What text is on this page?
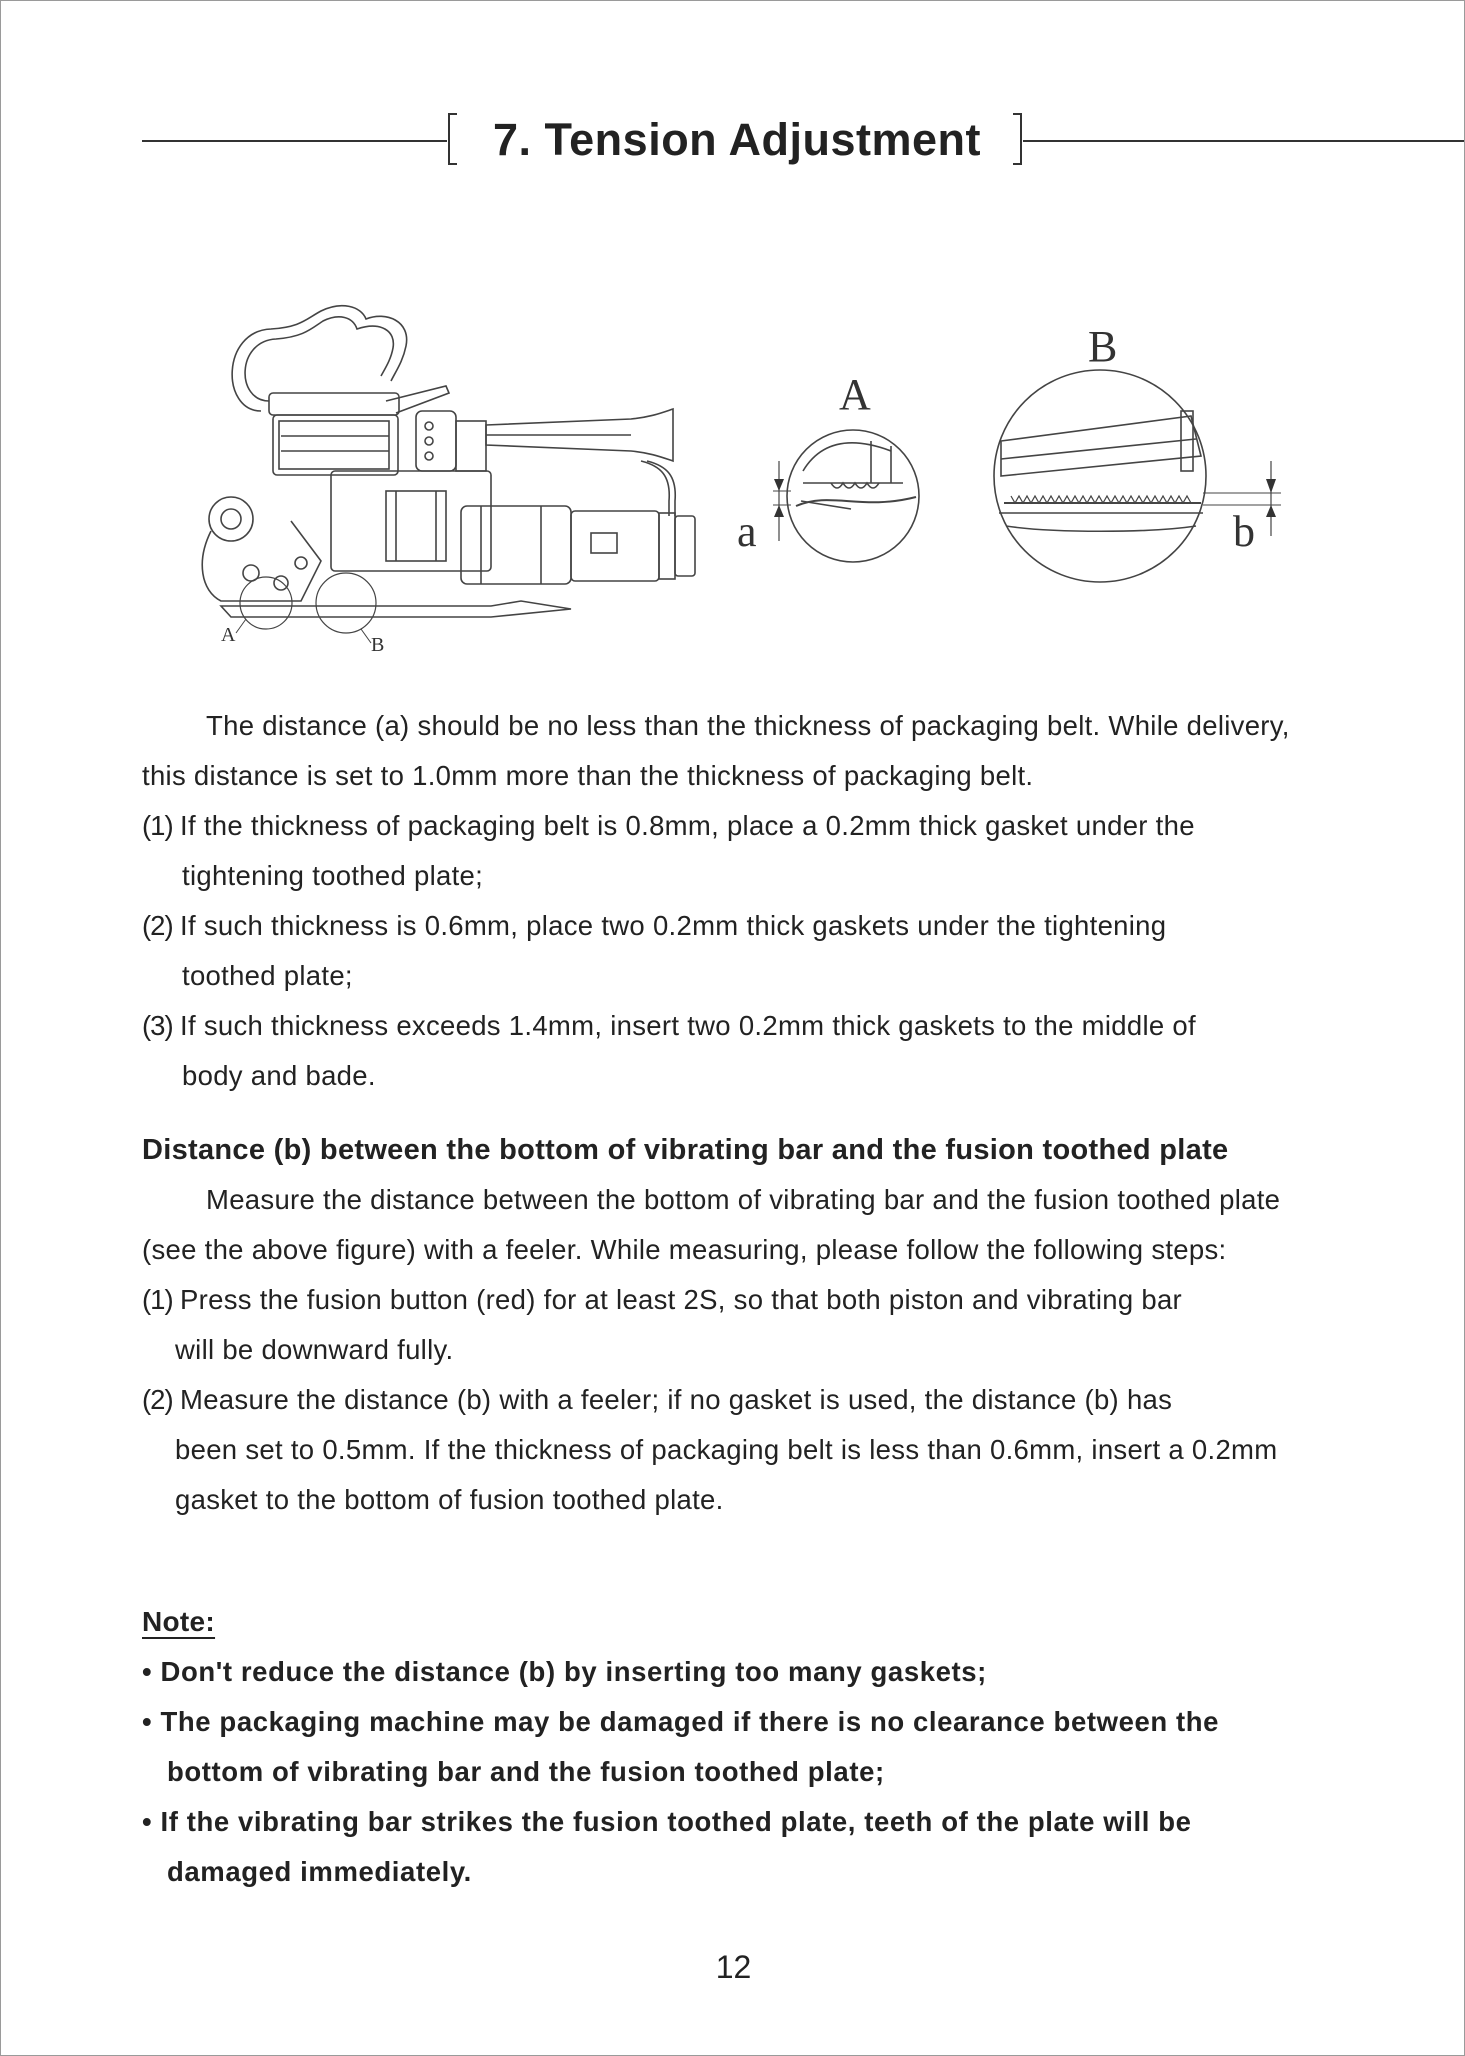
7. Tension Adjustment
A	B
A
a
B
b

The distance (a) should be no less than the thickness of packaging belt. While delivery, this distance is set to 1.0mm more than the thickness of packaging belt.

(1) If the thickness of packaging belt is 0.8mm, place a 0.2mm thick gasket under the
tightening toothed plate;
(2) If such thickness is 0.6mm, place two 0.2mm thick gaskets under the tightening
toothed plate;
(3) If such thickness exceeds 1.4mm, insert two 0.2mm thick gaskets to the middle of
body and bade.

Distance (b) between the bottom of vibrating bar and the fusion toothed plate

Measure the distance between the bottom of vibrating bar and the fusion toothed plate (see the above figure) with a feeler. While measuring, please follow the following steps:

(1) Press the fusion button (red) for at least 2S, so that both piston and vibrating bar
will be downward fully.
(2) Measure the distance (b) with a feeler; if no gasket is used, the distance (b) has
been set to 0.5mm. If the thickness of packaging belt is less than 0.6mm, insert a 0.2mm gasket to the bottom of fusion toothed plate.

Note:

• Don't reduce the distance (b) by inserting too many gaskets;
• The packaging machine may be damaged if there is no clearance between the
bottom of vibrating bar and the fusion toothed plate;
• If the vibrating bar strikes the fusion toothed plate, teeth of the plate will be
damaged immediately.
12
